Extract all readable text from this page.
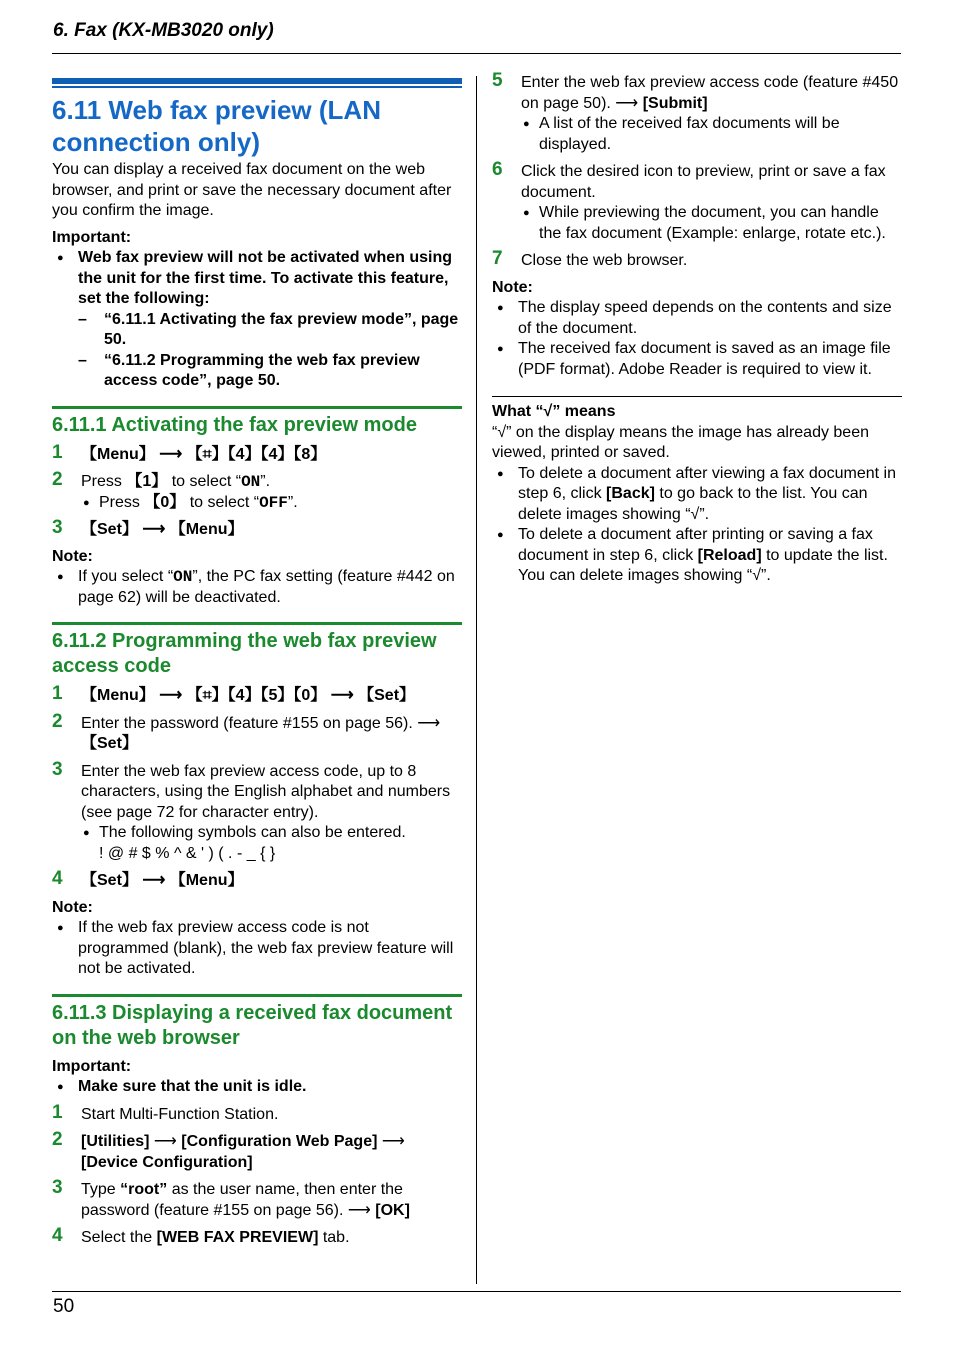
6. Fax (KX-MB3020 only)
6.11 Web fax preview (LAN
connection only)

You can display a received fax document on the web browser, and print or save the necessary document after you confirm the image.

Important:

● Web fax preview will not be activated when using the unit for the first time. To activate this feature, set the following:

– “6.11.1 Activating the fax preview mode”, page 50.

– “6.11.2 Programming the web fax preview access code”, page 50.

6.11.1 Activating the fax preview mode
1 【Menu】 ⟶ 【⌗】【4】【4】【8】
2 Press 【1】 to select “ON”.

● Press 【0】 to select “OFF”.

3 【Set】 ⟶ 【Menu】

Note:

● If you select “ON”, the PC fax setting (feature #442 on page 62) will be deactivated.

6.11.2 Programming the web fax preview access code
1 【Menu】 ⟶ 【⌗】【4】【5】【0】 ⟶ 【Set】
2 Enter the password (feature #155 on page 56). ⟶
【Set】
3 Enter the web fax preview access code, up to 8 characters, using the English alphabet and numbers (see page 72 for character entry).

● The following symbols can also be entered.
! @ # $ % ^ & ' ) ( . - _ { }

4 【Set】 ⟶ 【Menu】

Note:

● If the web fax preview access code is not programmed (blank), the web fax preview feature will not be activated.

6.11.3 Displaying a received fax document on the web browser

Important:

● Make sure that the unit is idle.

1 Start Multi-Function Station.
2 [Utilities] ⟶ [Configuration Web Page] ⟶
[Device Configuration]
3 Type “root” as the user name, then enter the password (feature #155 on page 56). ⟶ [OK]
4 Select the [WEB FAX PREVIEW] tab.
5 Enter the web fax preview access code (feature #450 on page 50). ⟶ [Submit]

● A list of the received fax documents will be displayed.

6 Click the desired icon to preview, print or save a fax document.

● While previewing the document, you can handle the fax document (Example: enlarge, rotate etc.).

7 Close the web browser.

Note:

● The display speed depends on the contents and size of the document.

● The received fax document is saved as an image file (PDF format). Adobe Reader is required to view it.

What “√” means

“√” on the display means the image has already been viewed, printed or saved.

● To delete a document after viewing a fax document in step 6, click [Back] to go back to the list. You can delete images showing “√”.

● To delete a document after printing or saving a fax document in step 6, click [Reload] to update the list. You can delete images showing “√”.

50
